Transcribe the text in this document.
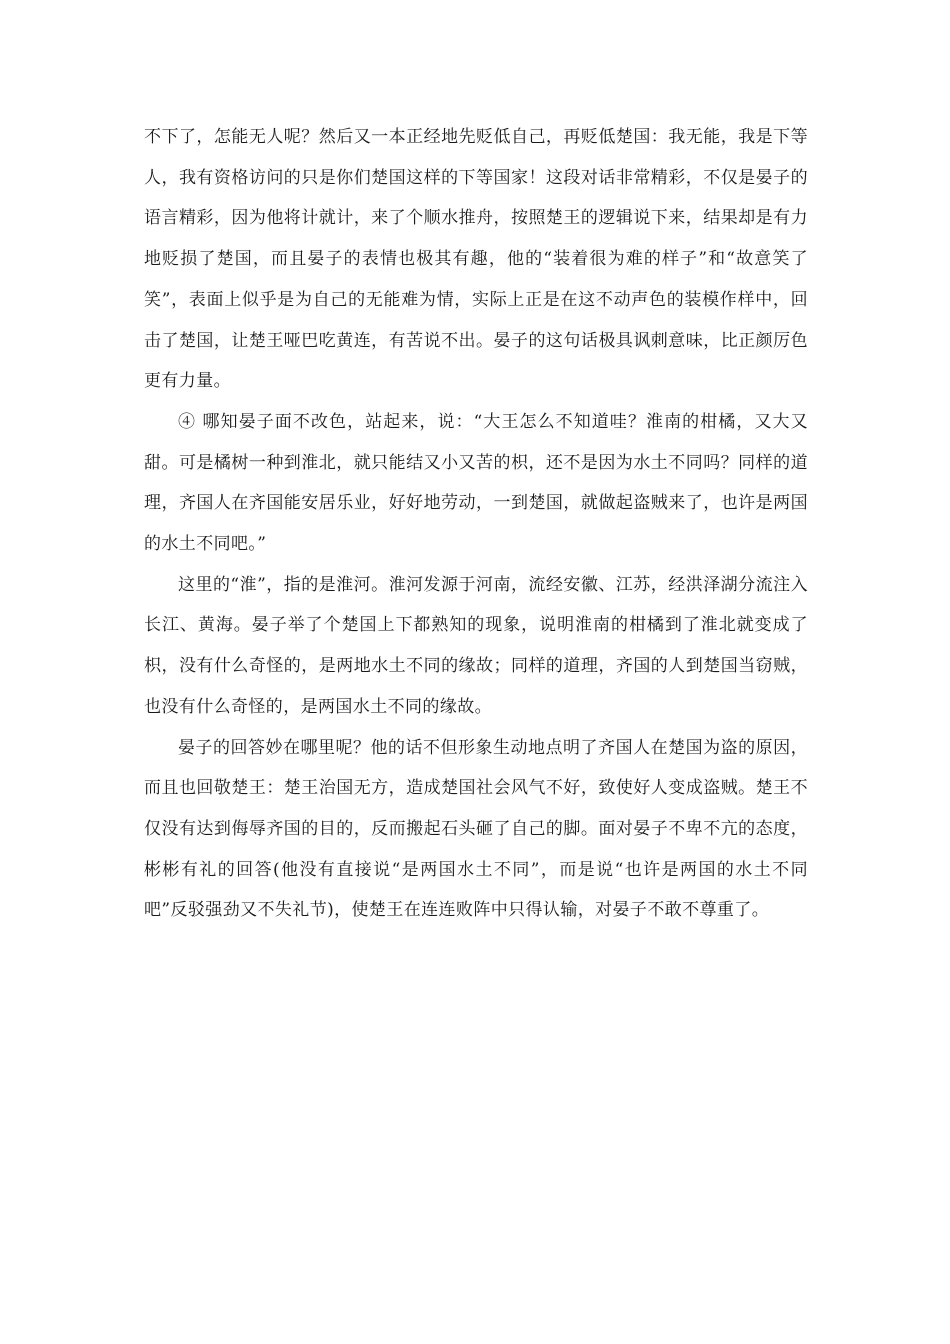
不下了，怎能无人呢？然后又一本正经地先贬低自己，再贬低楚国：我无能，我是下等人，我有资格访问的只是你们楚国这样的下等国家！这段对话非常精彩，不仅是晏子的语言精彩，因为他将计就计，来了个顺水推舟，按照楚王的逻辑说下来，结果却是有力地贬损了楚国，而且晏子的表情也极其有趣，他的“装着很为难的样子”和“故意笑了笑”，表面上似乎是为自己的无能难为情，实际上正是在这不动声色的装模作样中，回击了楚国，让楚王哑巴吃黄连，有苦说不出。晏子的这句话极具讽刺意味，比正颜厉色更有力量。

④ 哪知晏子面不改色，站起来，说：“大王怎么不知道哇？淮南的柑橘，又大又甜。可是橘树一种到淮北，就只能结又小又苦的枳，还不是因为水土不同吗？同样的道理，齐国人在齐国能安居乐业，好好地劳动，一到楚国，就做起盗贼来了，也许是两国的水土不同吧。”

这里的“淮”，指的是淮河。淮河发源于河南，流经安徽、江苏，经洪泽湖分流注入长江、黄海。晏子举了个楚国上下都熟知的现象，说明淮南的柑橘到了淮北就变成了枳，没有什么奇怪的，是两地水土不同的缘故；同样的道理，齐国的人到楚国当窃贼，也没有什么奇怪的，是两国水土不同的缘故。

晏子的回答妙在哪里呢？他的话不但形象生动地点明了齐国人在楚国为盗的原因，而且也回敬楚王：楚王治国无方，造成楚国社会风气不好，致使好人变成盗贼。楚王不仅没有达到侮辱齐国的目的，反而搬起石头砸了自己的脚。面对晏子不卑不亢的态度，彬彬有礼的回答(他没有直接说“是两国水土不同”，而是说“也许是两国的水土不同吧”反驳强劲又不失礼节)，使楚王在连连败阵中只得认输，对晏子不敢不尊重了。
